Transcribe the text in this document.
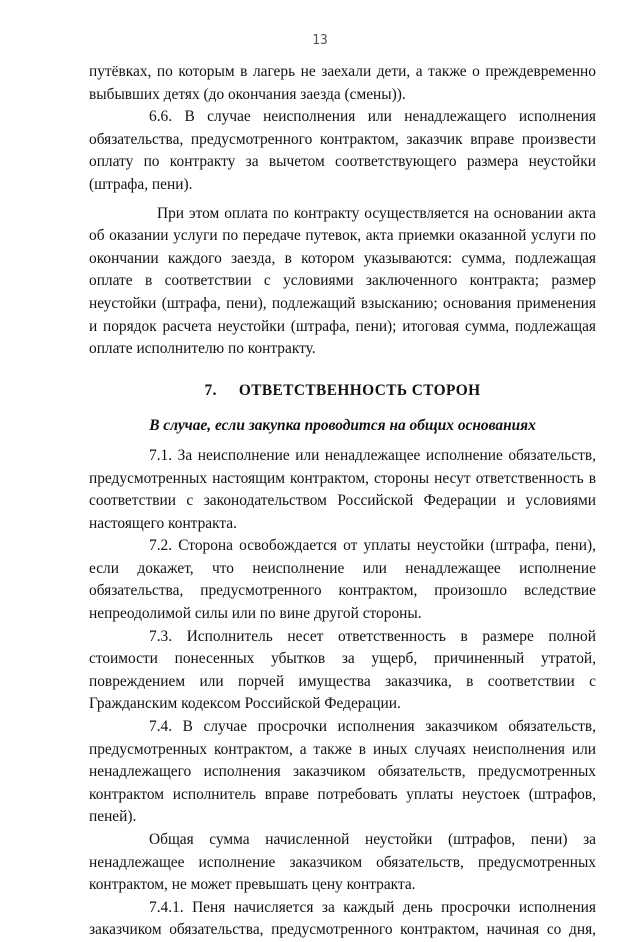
13

путёвках, по которым в лагерь не заехали дети, а также о преждевременно выбывших детях (до окончания заезда (смены)).

6.6. В случае неисполнения или ненадлежащего исполнения обязательства, предусмотренного контрактом, заказчик вправе произвести оплату по контракту за вычетом соответствующего размера неустойки (штрафа, пени).

При этом оплата по контракту осуществляется на основании акта об оказании услуги по передаче путевок, акта приемки оказанной услуги по окончании каждого заезда, в котором указываются: сумма, подлежащая оплате в соответствии с условиями заключенного контракта; размер неустойки (штрафа, пени), подлежащий взысканию; основания применения и порядок расчета неустойки (штрафа, пени); итоговая сумма, подлежащая оплате исполнителю по контракту.

7. ОТВЕТСТВЕННОСТЬ СТОРОН
В случае, если закупка проводится на общих основаниях

7.1. За неисполнение или ненадлежащее исполнение обязательств, предусмотренных настоящим контрактом, стороны несут ответственность в соответствии с законодательством Российской Федерации и условиями настоящего контракта.

7.2. Сторона освобождается от уплаты неустойки (штрафа, пени), если докажет, что неисполнение или ненадлежащее исполнение обязательства, предусмотренного контрактом, произошло вследствие непреодолимой силы или по вине другой стороны.

7.3. Исполнитель несет ответственность в размере полной стоимости понесенных убытков за ущерб, причиненный утратой, повреждением или порчей имущества заказчика, в соответствии с Гражданским кодексом Российской Федерации.

7.4. В случае просрочки исполнения заказчиком обязательств, предусмотренных контрактом, а также в иных случаях неисполнения или ненадлежащего исполнения заказчиком обязательств, предусмотренных контрактом исполнитель вправе потребовать уплаты неустоек (штрафов, пеней).

Общая сумма начисленной неустойки (штрафов, пени) за ненадлежащее исполнение заказчиком обязательств, предусмотренных контрактом, не может превышать цену контракта.

7.4.1. Пеня начисляется за каждый день просрочки исполнения заказчиком обязательства, предусмотренного контрактом, начиная со дня,
